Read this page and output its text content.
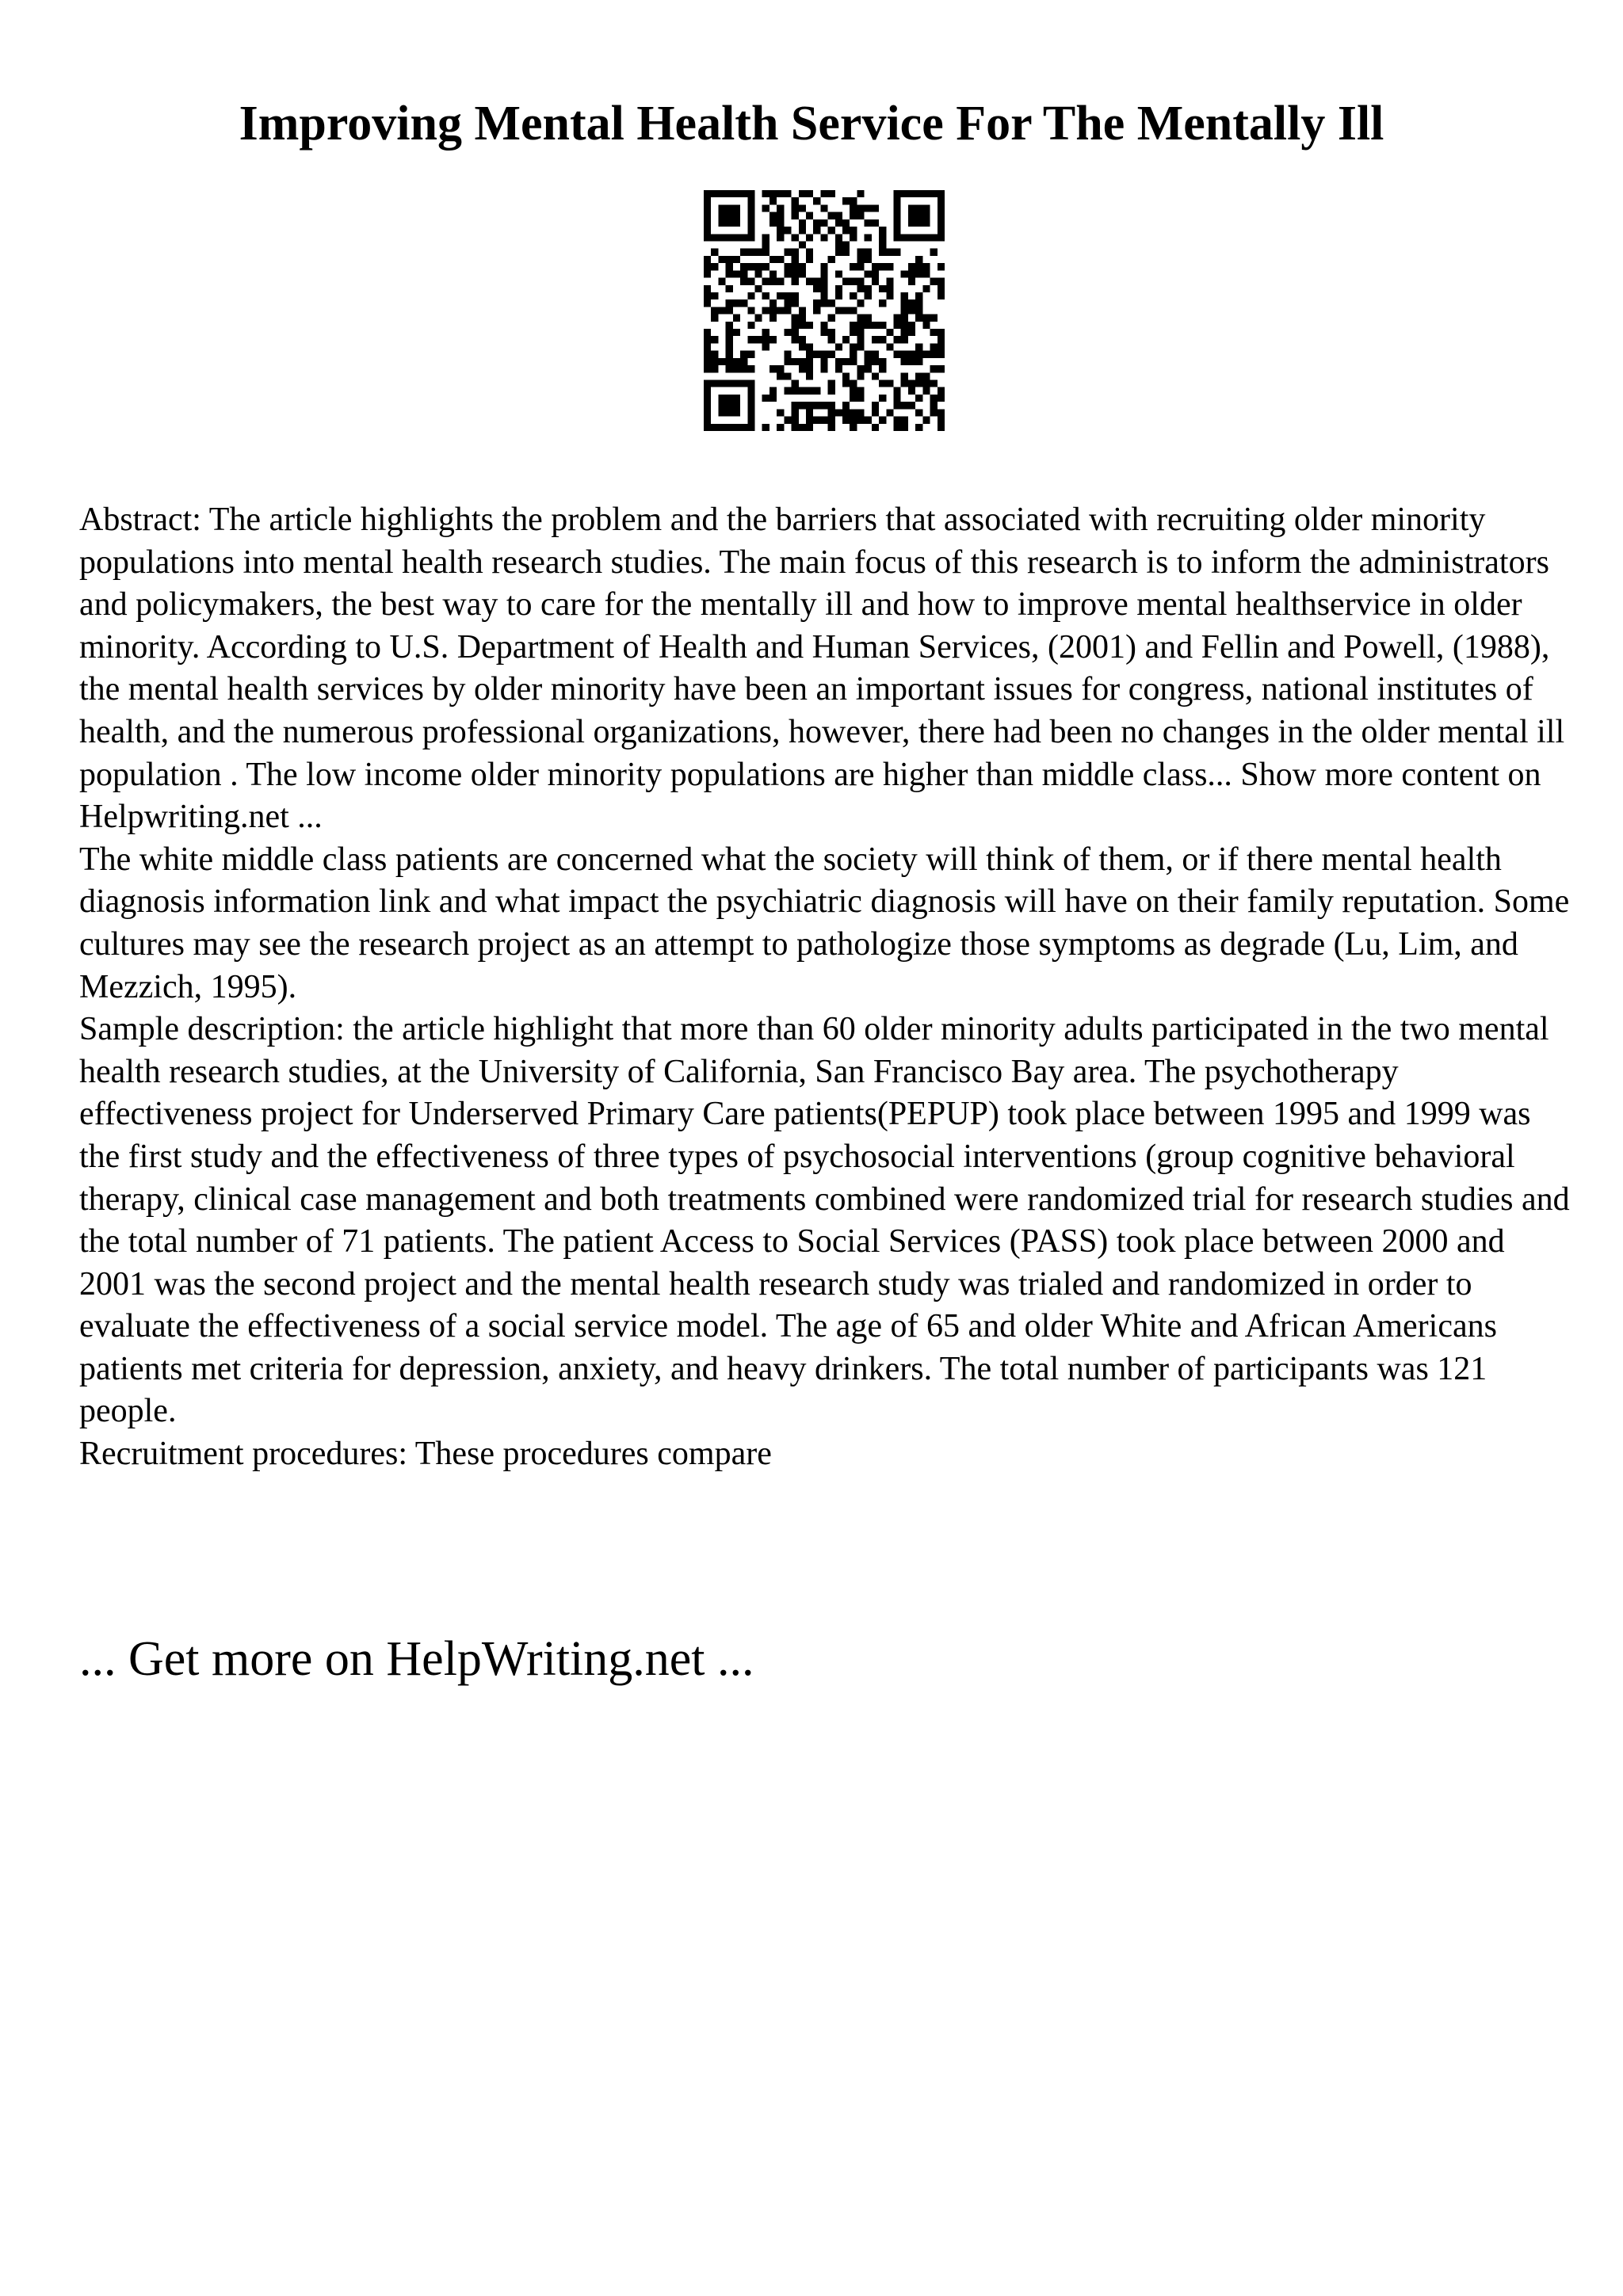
Improving Mental Health Service For The Mentally Ill

Abstract: The article highlights the problem and the barriers that associated with recruiting older minority populations into mental health research studies. The main focus of this research is to inform the administrators and policymakers, the best way to care for the mentally ill and how to improve mental healthservice in older minority. According to U.S. Department of Health and Human Services, (2001) and Fellin and Powell, (1988), the mental health services by older minority have been an important issues for congress, national institutes of health, and the numerous professional organizations, however, there had been no changes in the older mental ill population . The low income older minority populations are higher than middle class... Show more content on Helpwriting.net ...

The white middle class patients are concerned what the society will think of them, or if there mental health diagnosis information link and what impact the psychiatric diagnosis will have on their family reputation. Some cultures may see the research project as an attempt to pathologize those symptoms as degrade (Lu, Lim, and Mezzich, 1995).

Sample description: the article highlight that more than 60 older minority adults participated in the two mental health research studies, at the University of California, San Francisco Bay area. The psychotherapy effectiveness project for Underserved Primary Care patients(PEPUP) took place between 1995 and 1999 was the first study and the effectiveness of three types of psychosocial interventions (group cognitive behavioral therapy, clinical case management and both treatments combined were randomized trial for research studies and the total number of 71 patients. The patient Access to Social Services (PASS) took place between 2000 and 2001 was the second project and the mental health research study was trialed and randomized in order to evaluate the effectiveness of a social service model. The age of 65 and older White and African Americans patients met criteria for depression, anxiety, and heavy drinkers. The total number of participants was 121 people.

Recruitment procedures: These procedures compare

... Get more on HelpWriting.net ...
